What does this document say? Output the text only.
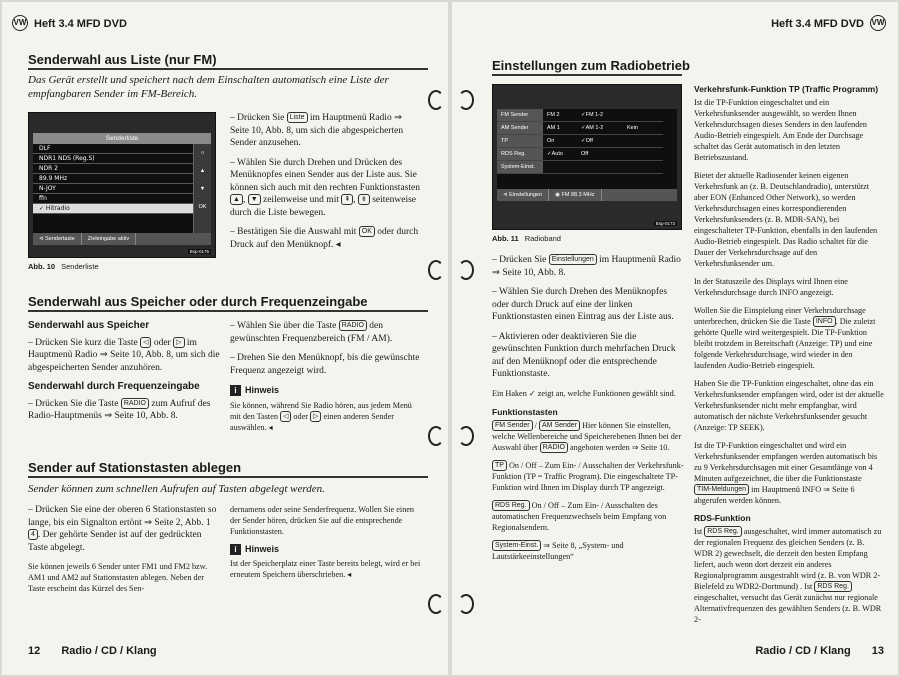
VW Heft 3.4 MFD DVD
Senderwahl aus Liste (nur FM)
Das Gerät erstellt und speichert nach dem Einschalten automatisch eine Liste der empfangbaren Sender im FM-Bereich.
Senderliste
DLF
NDR1 NDS (Reg.S)
NDR 2
89.9 MHz
N-JOY
ffn
✓ Hitradio
☼
▲
▼
OK
⊲ Sendertaste	Zieleingabe aktiv
Bsp-0175
Abb. 10 Senderliste

– Drücken Sie Liste im Hauptmenü Radio ⇒ Seite 10, Abb. 8, um sich die abgespeicherten Sender anzusehen.

– Wählen Sie durch Drehen und Drücken des Menüknopfes einen Sender aus der Liste aus. Sie können sich auch mit den rechten Funktionstasten ▲ , ▼ zeilenweise und mit ⇞ , ⇟ seitenweise durch die Liste bewegen.

– Bestätigen Sie die Auswahl mit OK oder durch Druck auf den Menüknopf. ◂

Senderwahl aus Speicher oder durch Frequenzeingabe
Senderwahl aus Speicher

– Drücken Sie kurz die Taste ◁ oder ▷ im Hauptmenü Radio ⇒ Seite 10, Abb. 8, um sich die abgespeicherten Sender anzuhören.

Senderwahl durch Frequenzeingabe

– Drücken Sie die Taste RADIO zum Aufruf des Radio-Hauptmenüs ⇒ Seite 10, Abb. 8.

– Wählen Sie über die Taste RADIO den gewünschten Frequenzbereich (FM / AM).

– Drehen Sie den Menüknopf, bis die gewünschte Frequenz angezeigt wird.

i Hinweis

Sie können, während Sie Radio hören, aus jedem Menü mit den Tasten ◁ oder ▷ einen anderen Sender auswählen. ◂

Sender auf Stationstasten ablegen
Sender können zum schnellen Aufrufen auf Tasten abgelegt werden.

– Drücken Sie eine der oberen 6 Stationstasten so lange, bis ein Signalton ertönt ⇒ Seite 2, Abb. 1 4 . Der gehörte Sender ist auf der gedrückten Taste abgelegt.

Sie können jeweils 6 Sender unter FM1 und FM2 bzw. AM1 und AM2 auf Stationstasten ablegen. Neben der Taste erscheint das Kürzel des Sen-

dernamens oder seine Senderfrequenz. Wollen Sie einen der Sender hören, drücken Sie auf die entsprechende Funktionstasten.

i Hinweis

Ist der Speicherplatz einer Taste bereits belegt, wird er bei erneutem Speichern überschrieben. ◂

12 Radio / CD / Klang
Heft 3.4 MFD DVD VW
Einstellungen zum Radiobetrieb
FM Sender	FM 2	✓FM 1-2
AM Sender	AM 1	✓AM 1-2	Kein
TP	On	✓Off
RDS Reg.	✓Auto	Off
System-Einst.
⊲ Einstellungen	◉ FM 88.3 MHz
Bsp-0173
Abb. 11 Radioband

– Drücken Sie Einstellungen im Hauptmenü Radio ⇒ Seite 10, Abb. 8.

– Wählen Sie durch Drehen des Menüknopfes oder durch Druck auf eine der linken Funktionstasten einen Eintrag aus der Liste aus.

– Aktivieren oder deaktivieren Sie die gewünschten Funktion durch mehrfachen Druck auf den Menüknopf oder die entsprechende Funktionstaste.

Ein Haken ✓ zeigt an, welche Funktionen gewählt sind.

Funktionstasten

FM Sender / AM Sender Hier können Sie einstellen, welche Wellenbereiche und Speicherebenen Ihnen bei der Auswahl über RADIO angeboten werden ⇒ Seite 10.

TP On / Off – Zum Ein- / Ausschalten der Verkehrsfunk-Funktion (TP = Traffic Program). Die eingeschaltete TP-Funktion wird Ihnen im Display durch TP angezeigt.

RDS Reg. On / Off – Zum Ein- / Ausschalten des automatischen Frequenzwechsels beim Empfang von Regionalsendern.

System-Einst. ⇒ Seite 8, „System- und Lautstärkeeinstellungen“

Verkehrsfunk-Funktion TP (Traffic Programm)

Ist die TP-Funktion eingeschaltet und ein Verkehrsfunksender ausgewählt, so werden Ihnen Verkehrsdurchsagen dieses Senders in den laufenden Audio-Betrieb eingespielt. Am Ende der Durchsage schaltet das Gerät automatisch in den letzten Betriebszustand.

Bietet der aktuelle Radiosender keinen eigenen Verkehrsfunk an (z. B. Deutschlandradio), unterstützt aber EON (Enhanced Other Network), so werden Verkehrsdurchsagen eines korrespondierenden Verkehrsfunksenders (z. B. MDR-SAN), bei eingeschalteter TP-Funktion, ebenfalls in den laufenden Audio-Betrieb eingespielt. Das Radio schaltet für die Dauer der Verkehrsdurchsage auf den Verkehrsfunksender um.

In der Statuszeile des Displays wird Ihnen eine Verkehrsdurchsage durch INFO angezeigt.

Wollen Sie die Einspielung einer Verkehrsdurchsage unterbrechen, drücken Sie die Taste INFO . Die zuletzt gehörte Quelle wird weitergespielt. Die TP-Funktion bleibt trotzdem in Bereitschaft (Anzeige: TP) und eine folgende Verkehrsdurchsage, wird wieder in den laufenden Audio-Betrieb eingespielt.

Haben Sie die TP-Funktion eingeschaltet, ohne das ein Verkehrsfunksender empfangen wird, oder ist der aktuelle Verkehrsfunksender nicht mehr empfangbar, wird automatisch der nächste Verkehrsfunksender gesucht (Anzeige: TP SEEK).

Ist die TP-Funktion eingeschaltet und wird ein Verkehrsfunksender empfangen werden automatisch bis zu 9 Verkehrsdurchsagen mit einer Gesamtlänge von 4 Minuten aufgezeichnet, die über die Funktionstaste TIM-Meldungen im Hauptmenü INFO ⇒ Seite 6 abgerufen werden können.

RDS-Funktion

Ist RDS Reg. ausgeschaltet, wird immer automatisch zu der regionalen Frequenz des gleichen Senders (z. B. WDR 2) gewechselt, die derzeit den besten Empfang liefert, auch wenn dort derzeit ein anderes Regionalprogramm ausgestrahlt wird (z. B. von WDR 2-Bielefeld zu WDR2-Dortmund) . Ist RDS Reg. eingeschaltet, versucht das Gerät zunächst nur regionale Alternativfrequenzen des gewählten Senders (z. B. WDR 2-

Radio / CD / Klang 13
